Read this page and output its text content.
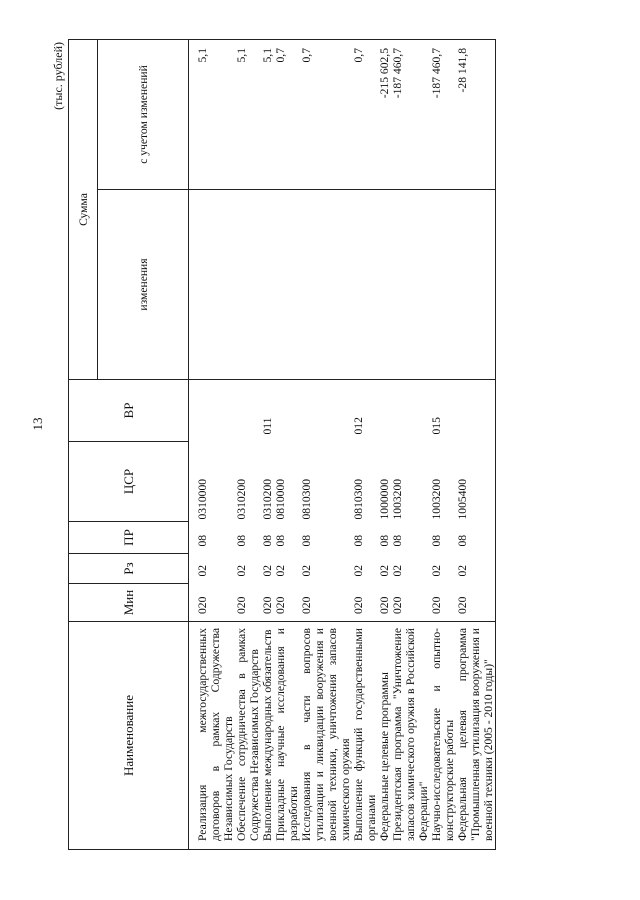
13
(тыс. рублей)
Наименование	Мин	Рз	ПР	ЦСР	ВР	Сумма	
						изменения	с учетом изменений
Реализация межгосударственных договоров в рамках Содружества Независимых Государств	020	02	08	0310000			5,1
Обеспечение сотрудничества в рамках Содружества Независимых Государств	020	02	08	0310200			5,1
Выполнение международных обязательств	020	02	08	0310200	011		5,1
Прикладные научные исследования и разработки	020	02	08	0810000			0,7
Исследования в части вопросов утилизации и ликвидации вооружения и военной техники, уничтожения запасов химического оружия	020	02	08	0810300			0,7
Выполнение функций государственными органами	020	02	08	0810300	012		0,7
Федеральные целевые программы	020	02	08	1000000			-215 602,5
Президентская программа "Уничтожение запасов химического оружия в Российской Федерации"	020	02	08	1003200			-187 460,7
Научно-исследовательские и опытно-конструкторские работы	020	02	08	1003200	015		-187 460,7
Федеральная целевая программа "Промышленная утилизация вооружения и военной техники (2005 - 2010 годы)"	020	02	08	1005400			-28 141,8
